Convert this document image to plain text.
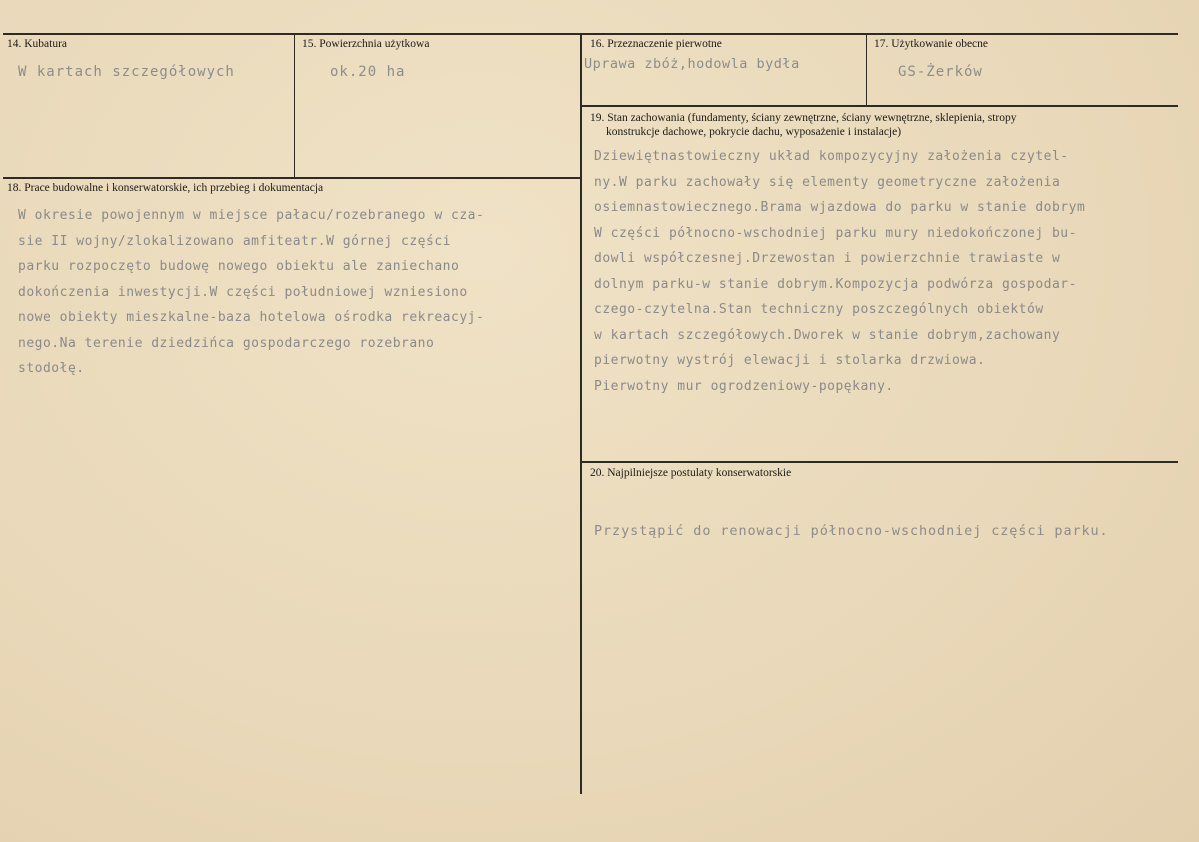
14. Kubatura
W kartach szczegółowych
15. Powierzchnia użytkowa
ok.20 ha
16. Przeznaczenie pierwotne
Uprawa zbóż,hodowla bydła
17. Użytkowanie obecne
GS-Żerków
18. Prace budowalne i konserwatorskie, ich przebieg i dokumentacja
W okresie powojennym w miejsce pałacu/rozebranego w cza-
sie II wojny/zlokalizowano amfiteatr.W górnej części
parku rozpoczęto budowę nowego obiektu ale zaniechano
dokończenia inwestycji.W części południowej wzniesiono
nowe obiekty mieszkalne-baza hotelowa ośrodka rekreacyj-
nego.Na terenie dziedzińca gospodarczego rozebrano
stodołę.
19. Stan zachowania (fundamenty, ściany zewnętrzne, ściany wewnętrzne, sklepienia, stropy
konstrukcje dachowe, pokrycie dachu, wyposażenie i instalacje)
Dziewiętnastowieczny układ kompozycyjny założenia czytel-
ny.W parku zachowały się elementy geometryczne założenia
osiemnastowiecznego.Brama wjazdowa do parku w stanie dobrym
W części północno-wschodniej parku mury niedokończonej bu-
dowli współczesnej.Drzewostan i powierzchnie trawiaste w
dolnym parku-w stanie dobrym.Kompozycja podwórza gospodar-
czego-czytelna.Stan techniczny poszczególnych obiektów
w kartach szczegółowych.Dworek w stanie dobrym,zachowany
pierwotny wystrój elewacji i stolarka drzwiowa.
Pierwotny mur ogrodzeniowy-popękany.
20. Najpilniejsze postulaty konserwatorskie
Przystąpić do renowacji północno-wschodniej części parku.
